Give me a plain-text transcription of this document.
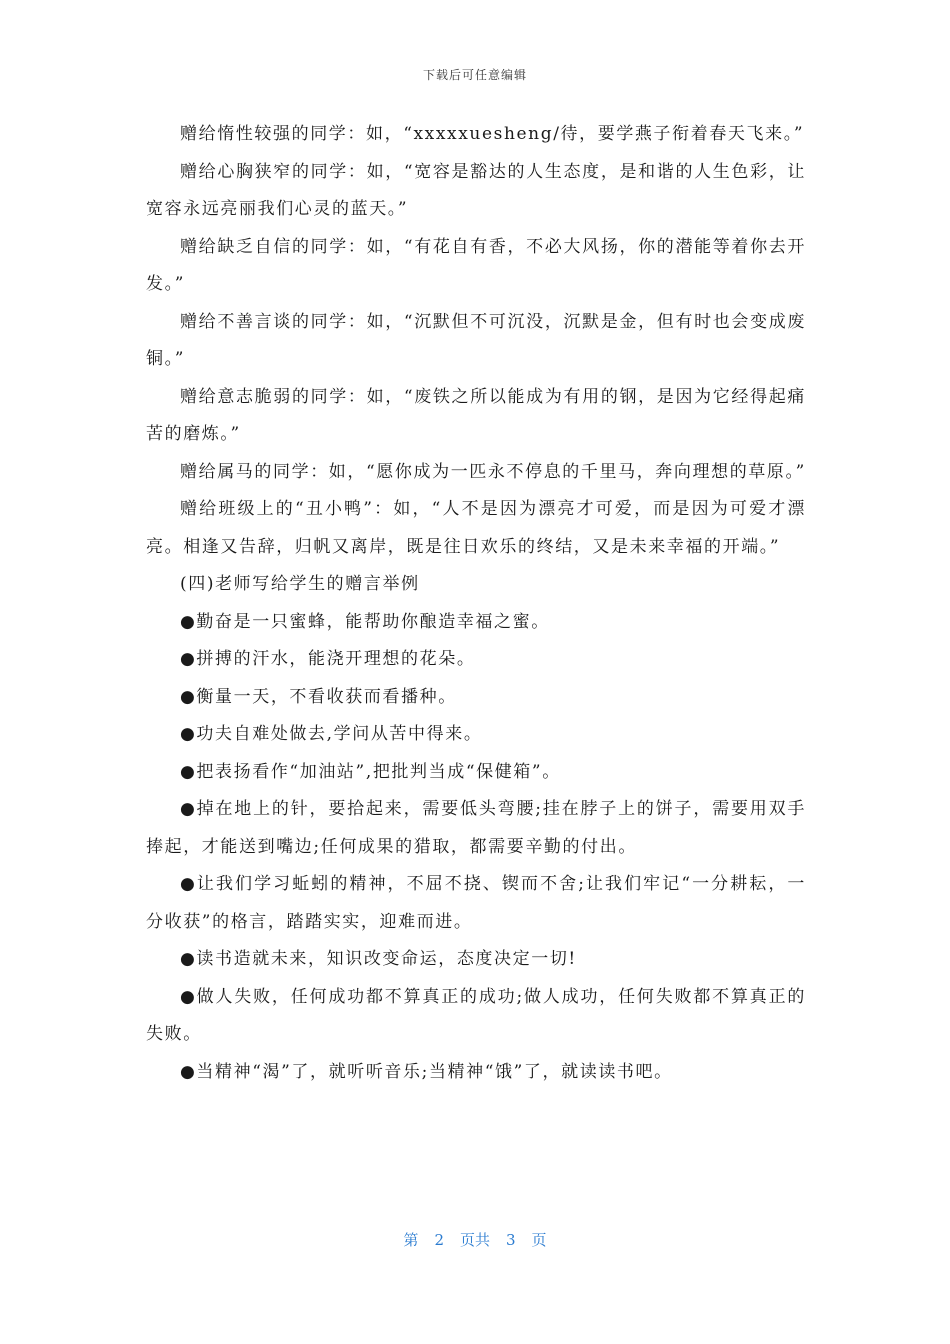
下载后可任意编辑

赠给惰性较强的同学：如，“xxxxxuesheng/待，要学燕子衔着春天飞来。”

赠给心胸狭窄的同学：如，“宽容是豁达的人生态度，是和谐的人生色彩，让宽容永远亮丽我们心灵的蓝天。”

赠给缺乏自信的同学：如，“有花自有香，不必大风扬，你的潜能等着你去开发。”

赠给不善言谈的同学：如，“沉默但不可沉没，沉默是金，但有时也会变成废铜。”

赠给意志脆弱的同学：如，“废铁之所以能成为有用的钢，是因为它经得起痛苦的磨炼。”

赠给属马的同学：如，“愿你成为一匹永不停息的千里马，奔向理想的草原。”

赠给班级上的“丑小鸭”：如，“人不是因为漂亮才可爱，而是因为可爱才漂亮。相逢又告辞，归帆又离岸，既是往日欢乐的终结，又是未来幸福的开端。”

(四)老师写给学生的赠言举例

●勤奋是一只蜜蜂，能帮助你酿造幸福之蜜。

●拼搏的汗水，能浇开理想的花朵。

●衡量一天，不看收获而看播种。

●功夫自难处做去,学问从苦中得来。

●把表扬看作“加油站”,把批判当成“保健箱”。

●掉在地上的针，要拾起来，需要低头弯腰;挂在脖子上的饼子，需要用双手捧起，才能送到嘴边;任何成果的猎取，都需要辛勤的付出。

●让我们学习蚯蚓的精神，不屈不挠、锲而不舍;让我们牢记“一分耕耘，一分收获”的格言，踏踏实实，迎难而进。

●读书造就未来，知识改变命运，态度决定一切!

●做人失败，任何成功都不算真正的成功;做人成功，任何失败都不算真正的失败。

●当精神“渴”了，就听听音乐;当精神“饿”了，就读读书吧。

第 2 页共 3 页
